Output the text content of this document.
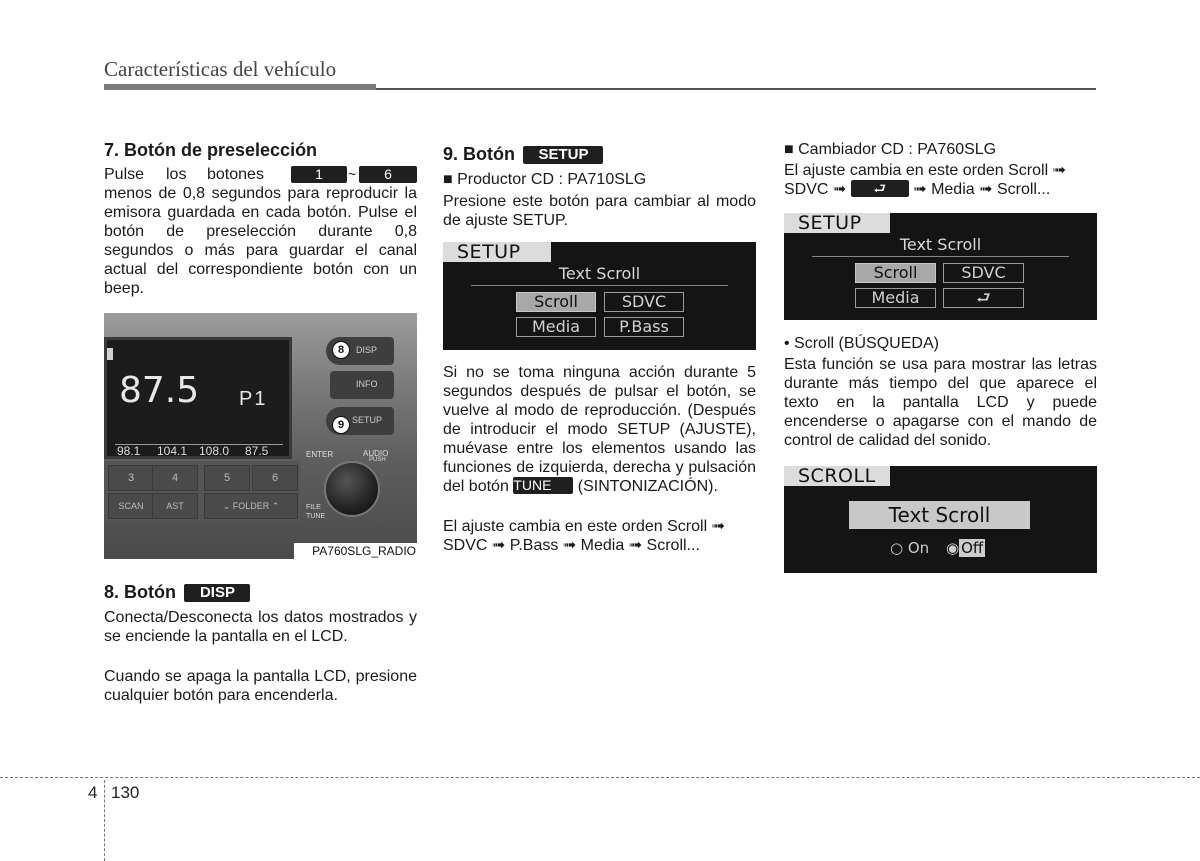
Características del vehículo
7. Botón de preselección
Pulse los botones	1	~	6
menos de 0,8 segundos para reproducir la emisora guardada en cada botón. Pulse el botón de preselección durante 0,8 segundos o más para guardar el canal actual del correspondiente botón con un beep.
87.5 P1
98.1 104.1 108.0 87.5
DISP
INFO
SETUP
8
9
ENTER	AUDIO
PUSH
FILE
TUNE
3	4	5	6
SCAN	AST	⌄ FOLDER ⌃
PA760SLG_RADIO
8. Botón DISP
Conecta/Desconecta los datos mostrados y se enciende la pantalla en el LCD.
Cuando se apaga la pantalla LCD, presione cualquier botón para encenderla.
9. Botón SETUP
■ Productor CD : PA710SLG
Presione este botón para cambiar al modo de ajuste SETUP.
SETUP
Text Scroll
Scroll	SDVC
Media	P.Bass
Si no se toma ninguna acción durante 5 segundos después de pulsar el botón, se vuelve al modo de reproducción. (Después de introducir el modo SETUP (AJUSTE), muévase entre los elementos usando las funciones de izquierda, derecha y pulsación del botón TUNE (SINTONIZACIÓN).
El ajuste cambia en este orden Scroll ➟ SDVC ➟ P.Bass ➟ Media ➟ Scroll...
■ Cambiador CD : PA760SLG
El ajuste cambia en este orden Scroll ➟
SDVC ➟ ⮐ ➟ Media ➟ Scroll...
SETUP
Text Scroll
Scroll	SDVC
Media	⮐
• Scroll (BÚSQUEDA)
Esta función se usa para mostrar las letras durante más tiempo del que aparece el texto en la pantalla LCD y puede encenderse o apagarse con el mando de control de calidad del sonido.
SCROLL
Text Scroll
○ On ◉ Off
4 130
